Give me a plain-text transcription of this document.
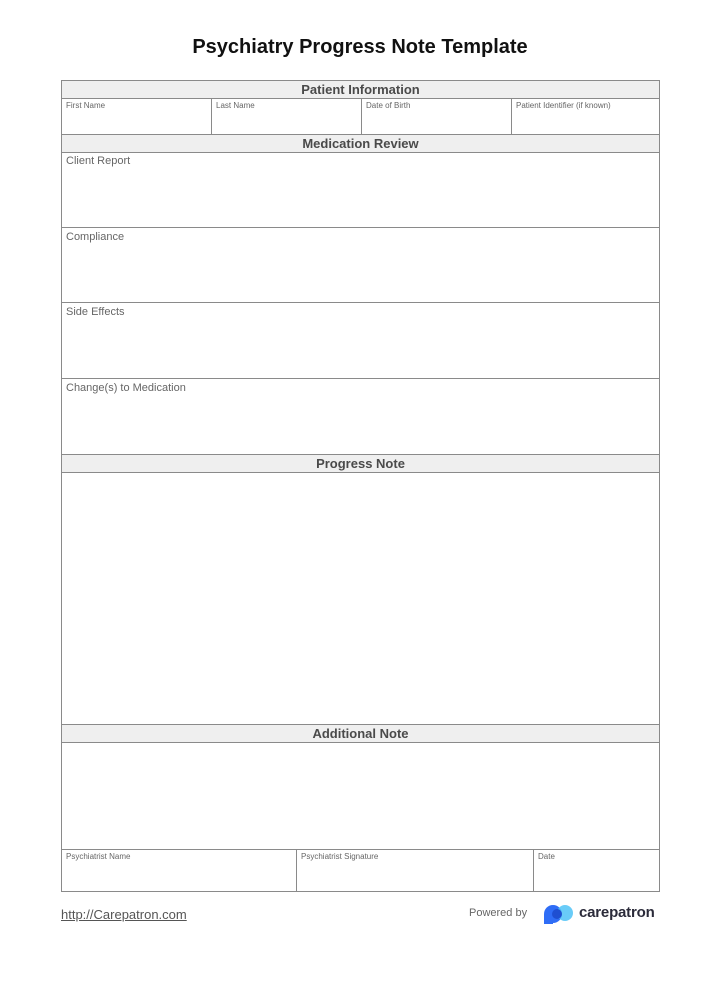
Psychiatry Progress Note Template
Patient Information
First Name	Last Name	Date of Birth	Patient Identifier (if known)
Medication Review
Client Report
Compliance
Side Effects
Change(s) to Medication
Progress Note
Additional Note
Psychiatrist Name	Psychiatrist Signature	Date
http://Carepatron.com	Powered by	carepatron
